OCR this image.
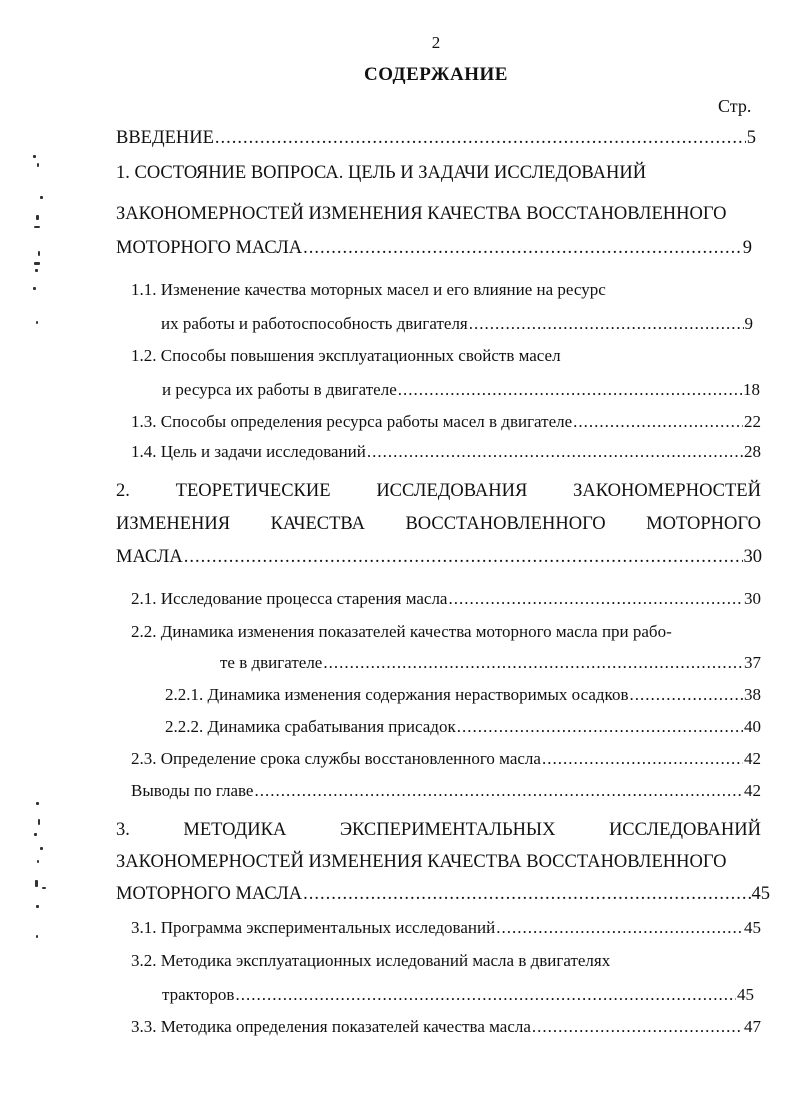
2
СОДЕРЖАНИЕ
Стр.
ВВЕДЕНИЕ .....	5
1. СОСТОЯНИЕ ВОПРОСА. ЦЕЛЬ И ЗАДАЧИ ИССЛЕДОВАНИЙ
ЗАКОНОМЕРНОСТЕЙ ИЗМЕНЕНИЯ КАЧЕСТВА ВОССТАНОВЛЕННОГО
МОТОРНОГО МАСЛА .....	9
1.1. Изменение качества моторных масел и его влияние на ресурс
их работы и работоспособность двигателя .....	9
1.2. Способы повышения эксплуатационных свойств масел
и ресурса их работы в двигателе .....	18
1.3. Способы определения ресурса работы масел в двигателе .....	22
1.4. Цель и задачи исследований .....	28
2. ТЕОРЕТИЧЕСКИЕ ИССЛЕДОВАНИЯ ЗАКОНОМЕРНОСТЕЙ
ИЗМЕНЕНИЯ КАЧЕСТВА ВОССТАНОВЛЕННОГО МОТОРНОГО
МАСЛА .....	30
2.1. Исследование процесса старения масла .....	30
2.2. Динамика изменения показателей качества моторного масла при рабо-
те в двигателе .....	37
2.2.1. Динамика изменения содержания нерастворимых осадков .....	38
2.2.2. Динамика срабатывания присадок .....	40
2.3. Определение срока службы восстановленного масла .....	42
Выводы по главе .....	42
3.	МЕТОДИКА	ЭКСПЕРИМЕНТАЛЬНЫХ	ИССЛЕДОВАНИЙ
ЗАКОНОМЕРНОСТЕЙ ИЗМЕНЕНИЯ КАЧЕСТВА ВОССТАНОВЛЕННОГО
МОТОРНОГО МАСЛА .....	45
3.1. Программа экспериментальных исследований .....	45
3.2. Методика эксплуатационных иследований масла в двигателях
тракторов .....	45
3.3. Методика определения показателей качества масла .....	47
